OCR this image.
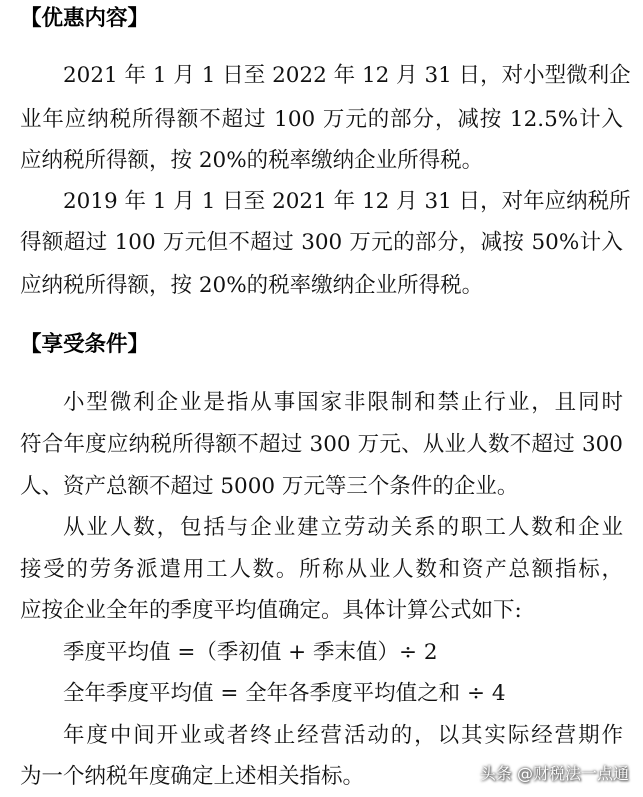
【优惠内容】
2021 年 1 月 1 日至 2022 年 12 月 31 日，对小型微利企
业年应纳税所得额不超过 100 万元的部分，减按 12.5%计入
应纳税所得额，按 20%的税率缴纳企业所得税。
2019 年 1 月 1 日至 2021 年 12 月 31 日，对年应纳税所
得额超过 100 万元但不超过 300 万元的部分，减按 50%计入
应纳税所得额，按 20%的税率缴纳企业所得税。
【享受条件】
小型微利企业是指从事国家非限制和禁止行业，且同时
符合年度应纳税所得额不超过 300 万元、从业人数不超过 300
人、资产总额不超过 5000 万元等三个条件的企业。
从业人数，包括与企业建立劳动关系的职工人数和企业
接受的劳务派遣用工人数。所称从业人数和资产总额指标，
应按企业全年的季度平均值确定。具体计算公式如下:
季度平均值 =（季初值 + 季末值）÷ 2
全年季度平均值 = 全年各季度平均值之和 ÷ 4
年度中间开业或者终止经营活动的，以其实际经营期作
为一个纳税年度确定上述相关指标。	头条 @财税法一点通
